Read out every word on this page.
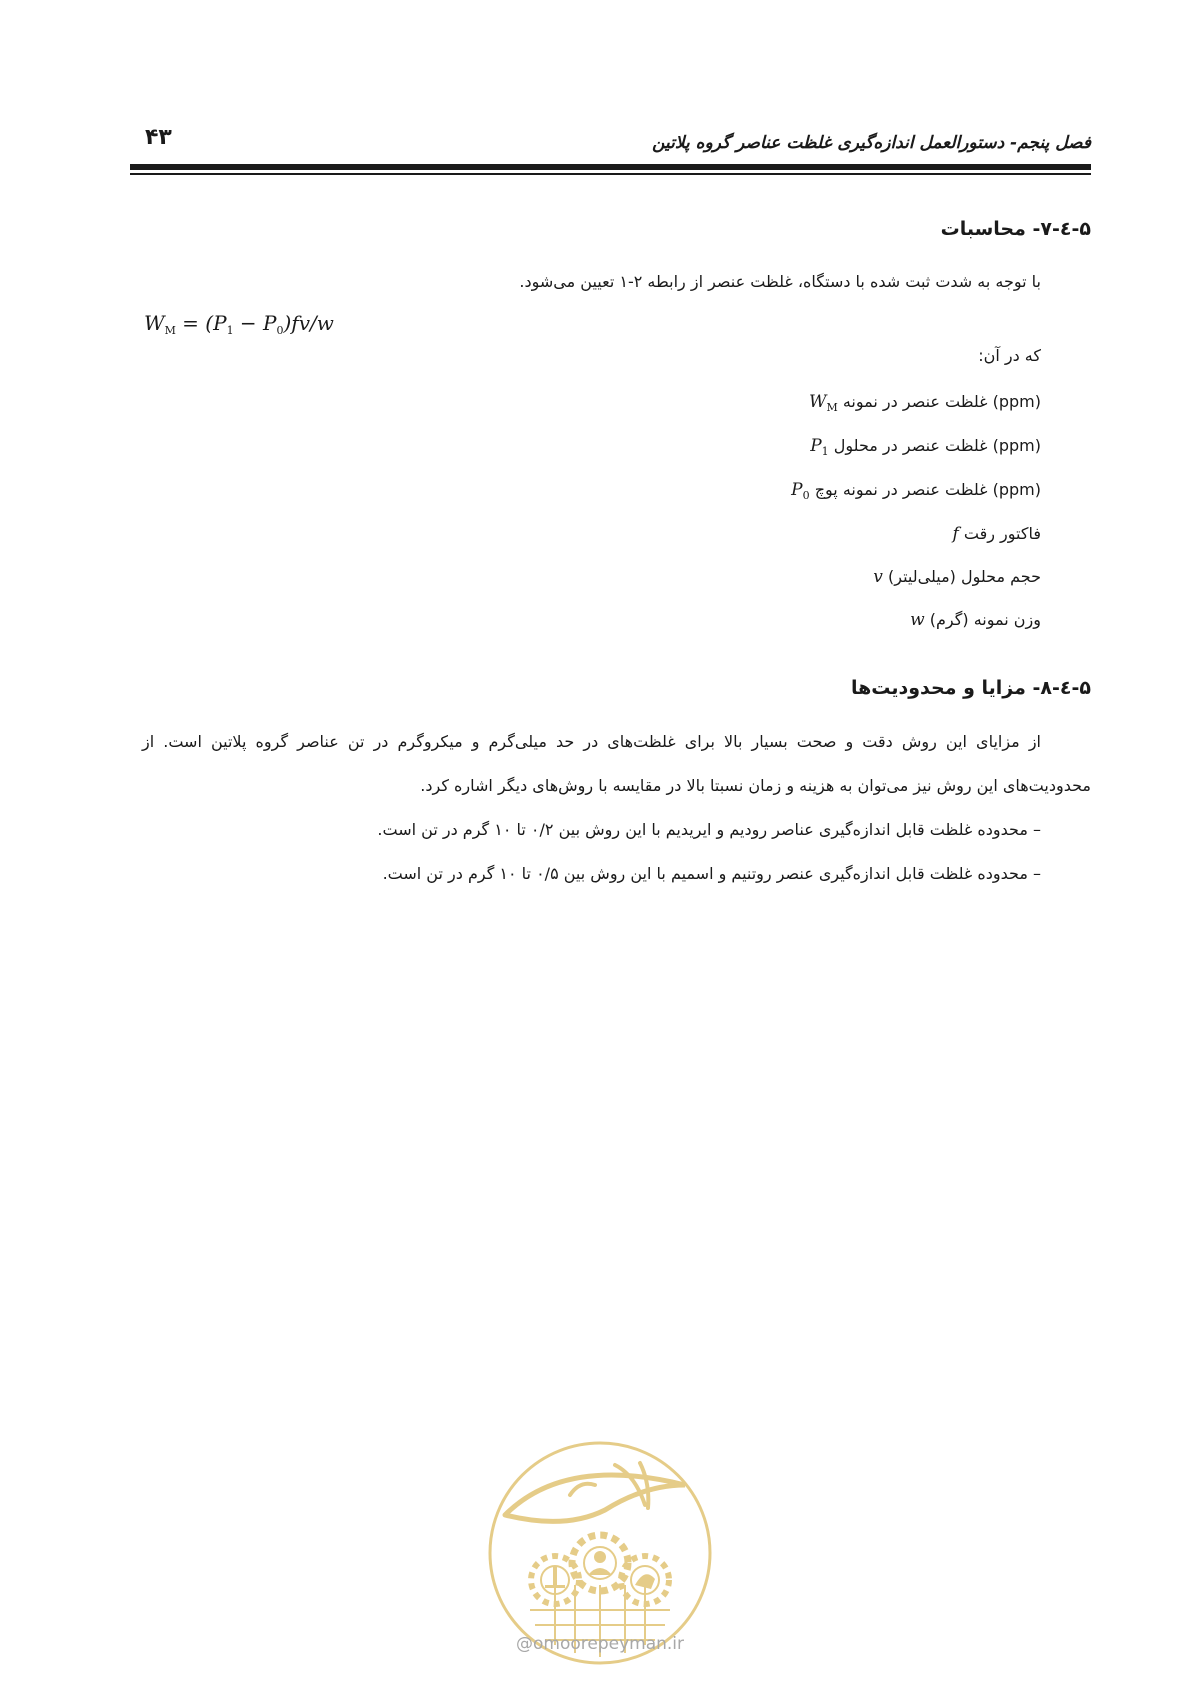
۴۳	فصل پنجم- دستورالعمل اندازه‌گیری غلظت عناصر گروه پلاتین
۵-٤-۷- محاسبات
با توجه به شدت ثبت شده با دستگاه، غلظت عنصر از رابطه ۲-۱ تعیین می‌شود.
$W_M = (P_1 - P_0)fv/w$
که در آن:
$W_M$ غلظت عنصر در نمونه (ppm)
$P_1$ غلظت عنصر در محلول (ppm)
$P_0$ غلظت عنصر در نمونه پوچ (ppm)
f فاکتور رقت
v حجم محلول (میلی‌لیتر)
w وزن نمونه (گرم)
۵-٤-۸- مزایا و محدودیت‌ها
از مزایای این روش دقت و صحت بسیار بالا برای غلظت‌های در حد میلی‌گرم و میکروگرم در تن عناصر گروه پلاتین است. از
محدودیت‌های این روش نیز می‌توان به هزینه و زمان نسبتا بالا در مقایسه با روش‌های دیگر اشاره کرد.
– محدوده غلظت قابل اندازه‌گیری عناصر رودیم و ایریدیم با این روش بین ۰/۲ تا ۱۰ گرم در تن است.
– محدوده غلظت قابل اندازه‌گیری عنصر روتنیم و اسمیم با این روش بین ۰/۵ تا ۱۰ گرم در تن است.
@omoorepeyman.ir
